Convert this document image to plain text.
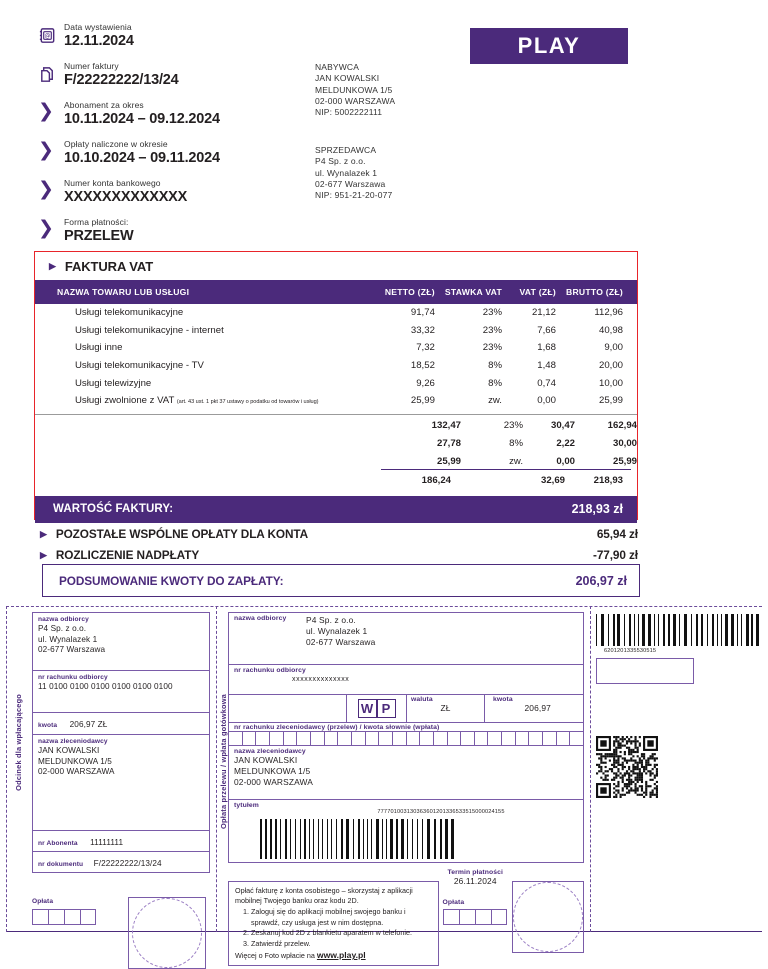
@
Data wystawienia
12.11.2024
Numer faktury
F/22222222/13/24
❯	Abonament za okres
10.11.2024 – 09.12.2024
❯	Opłaty naliczone w okresie
10.10.2024 – 09.11.2024
❯	Numer konta bankowego
XXXXXXXXXXXXX
❯	Forma płatności:
PRZELEW
NABYWCA
JAN KOWALSKI
MELDUNKOWA 1/5
02-000 WARSZAWA
NIP: 5002222111
SPRZEDAWCA
P4 Sp. z o.o.
ul. Wynalazek 1
02-677 Warszawa
NIP: 951-21-20-077
PLAY
▶ FAKTURA VAT
NAZWA TOWARU LUB USŁUGI	NETTO (ZŁ)	STAWKA VAT	VAT (ZŁ)	BRUTTO (ZŁ)
Usługi telekomunikacyjne	91,74	23%	21,12	112,96
Usługi telekomunikacyjne - internet	33,32	23%	7,66	40,98
Usługi inne	7,32	23%	1,68	9,00
Usługi telekomunikacyjne - TV	18,52	8%	1,48	20,00
Usługi telewizyjne	9,26	8%	0,74	10,00
Usługi zwolnione z VAT (art. 43 ust. 1 pkt 37 ustawy o podatku od towarów i usług)	25,99	zw.	0,00	25,99
	132,47	23%	30,47	162,94
	27,78	8%	2,22	30,00
	25,99	zw.	0,00	25,99
	186,24		32,69	218,93
WARTOŚĆ FAKTURY:	218,93 zł
▶ POZOSTAŁE WSPÓLNE OPŁATY DLA KONTA	65,94 zł
▶ ROZLICZENIE NADPŁATY	-77,90 zł
PODSUMOWANIE KWOTY DO ZAPŁATY:	206,97 zł
Odcinek dla wpłacającego	Opłata przelewu / wpłata gotówkowa
nazwa odbiorcy
P4 Sp. z o.o.
ul. Wynalazek 1
02-677 Warszawa
nr rachunku odbiorcy
11 0100 0100 0100 0100 0100 0100
kwota 206,97 ZŁ
nazwa zleceniodawcy
JAN KOWALSKI
MELDUNKOWA 1/5
02-000 WARSZAWA
nr Abonenta 11111111
nr dokumentu F/22222222/13/24
Opłata
nazwa odbiorcy	P4 Sp. z o.o.
ul. Wynalazek 1
02-677 Warszawa
nr rachunku odbiorcy
xxxxxxxxxxxxxx
W P
waluta
ZŁ
kwota
206,97
nr rachunku zleceniodawcy (przelew) / kwota słownie (wpłata)
nazwa zleceniodawcy
JAN KOWALSKI
MELDUNKOWA 1/5
02-000 WARSZAWA
tytułem
777701003130363601201336533515000024155
Opłać fakturę z konta osobistego – skorzystaj z aplikacji mobilnej Twojego banku oraz kodu 2D.
1. Zaloguj się do aplikacji mobilnej swojego banku i sprawdź, czy usługa jest w nim dostępna.
2. Zeskanuj kod 2D z blankietu aparatem w telefonie.
3. Zatwierdź przelew.
Więcej o Foto wpłacie na www.play.pl
Termin płatności
26.11.2024
Opłata
6201201335530515
